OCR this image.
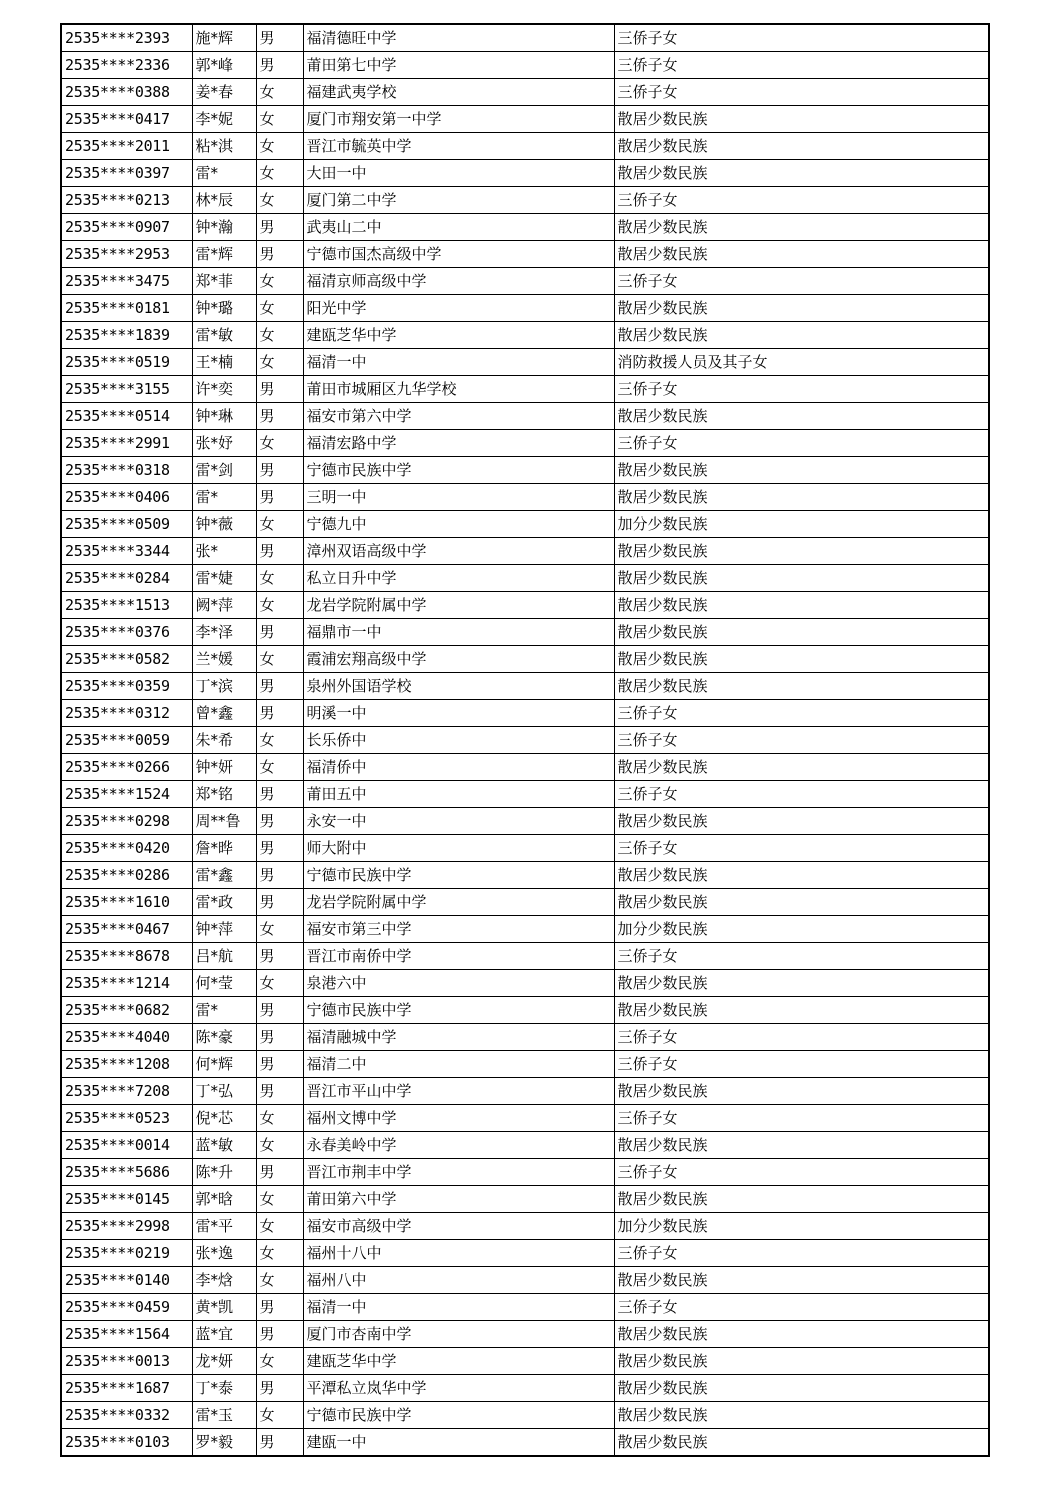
2535****2393	施*辉	男	福清德旺中学	三侨子女
2535****2336	郭*峰	男	莆田第七中学	三侨子女
2535****0388	姜*春	女	福建武夷学校	三侨子女
2535****0417	李*妮	女	厦门市翔安第一中学	散居少数民族
2535****2011	粘*淇	女	晋江市毓英中学	散居少数民族
2535****0397	雷*	女	大田一中	散居少数民族
2535****0213	林*辰	女	厦门第二中学	三侨子女
2535****0907	钟*瀚	男	武夷山二中	散居少数民族
2535****2953	雷*辉	男	宁德市国杰高级中学	散居少数民族
2535****3475	郑*菲	女	福清京师高级中学	三侨子女
2535****0181	钟*璐	女	阳光中学	散居少数民族
2535****1839	雷*敏	女	建瓯芝华中学	散居少数民族
2535****0519	王*楠	女	福清一中	消防救援人员及其子女
2535****3155	许*奕	男	莆田市城厢区九华学校	三侨子女
2535****0514	钟*琳	男	福安市第六中学	散居少数民族
2535****2991	张*妤	女	福清宏路中学	三侨子女
2535****0318	雷*剑	男	宁德市民族中学	散居少数民族
2535****0406	雷*	男	三明一中	散居少数民族
2535****0509	钟*薇	女	宁德九中	加分少数民族
2535****3344	张*	男	漳州双语高级中学	散居少数民族
2535****0284	雷*婕	女	私立日升中学	散居少数民族
2535****1513	阙*萍	女	龙岩学院附属中学	散居少数民族
2535****0376	李*泽	男	福鼎市一中	散居少数民族
2535****0582	兰*媛	女	霞浦宏翔高级中学	散居少数民族
2535****0359	丁*滨	男	泉州外国语学校	散居少数民族
2535****0312	曾*鑫	男	明溪一中	三侨子女
2535****0059	朱*希	女	长乐侨中	三侨子女
2535****0266	钟*妍	女	福清侨中	散居少数民族
2535****1524	郑*铭	男	莆田五中	三侨子女
2535****0298	周**鲁	男	永安一中	散居少数民族
2535****0420	詹*晔	男	师大附中	三侨子女
2535****0286	雷*鑫	男	宁德市民族中学	散居少数民族
2535****1610	雷*政	男	龙岩学院附属中学	散居少数民族
2535****0467	钟*萍	女	福安市第三中学	加分少数民族
2535****8678	吕*航	男	晋江市南侨中学	三侨子女
2535****1214	何*莹	女	泉港六中	散居少数民族
2535****0682	雷*	男	宁德市民族中学	散居少数民族
2535****4040	陈*豪	男	福清融城中学	三侨子女
2535****1208	何*辉	男	福清二中	三侨子女
2535****7208	丁*弘	男	晋江市平山中学	散居少数民族
2535****0523	倪*芯	女	福州文博中学	三侨子女
2535****0014	蓝*敏	女	永春美岭中学	散居少数民族
2535****5686	陈*升	男	晋江市荆丰中学	三侨子女
2535****0145	郭*晗	女	莆田第六中学	散居少数民族
2535****2998	雷*平	女	福安市高级中学	加分少数民族
2535****0219	张*逸	女	福州十八中	三侨子女
2535****0140	李*焓	女	福州八中	散居少数民族
2535****0459	黄*凯	男	福清一中	三侨子女
2535****1564	蓝*宜	男	厦门市杏南中学	散居少数民族
2535****0013	龙*妍	女	建瓯芝华中学	散居少数民族
2535****1687	丁*泰	男	平潭私立岚华中学	散居少数民族
2535****0332	雷*玉	女	宁德市民族中学	散居少数民族
2535****0103	罗*毅	男	建瓯一中	散居少数民族
